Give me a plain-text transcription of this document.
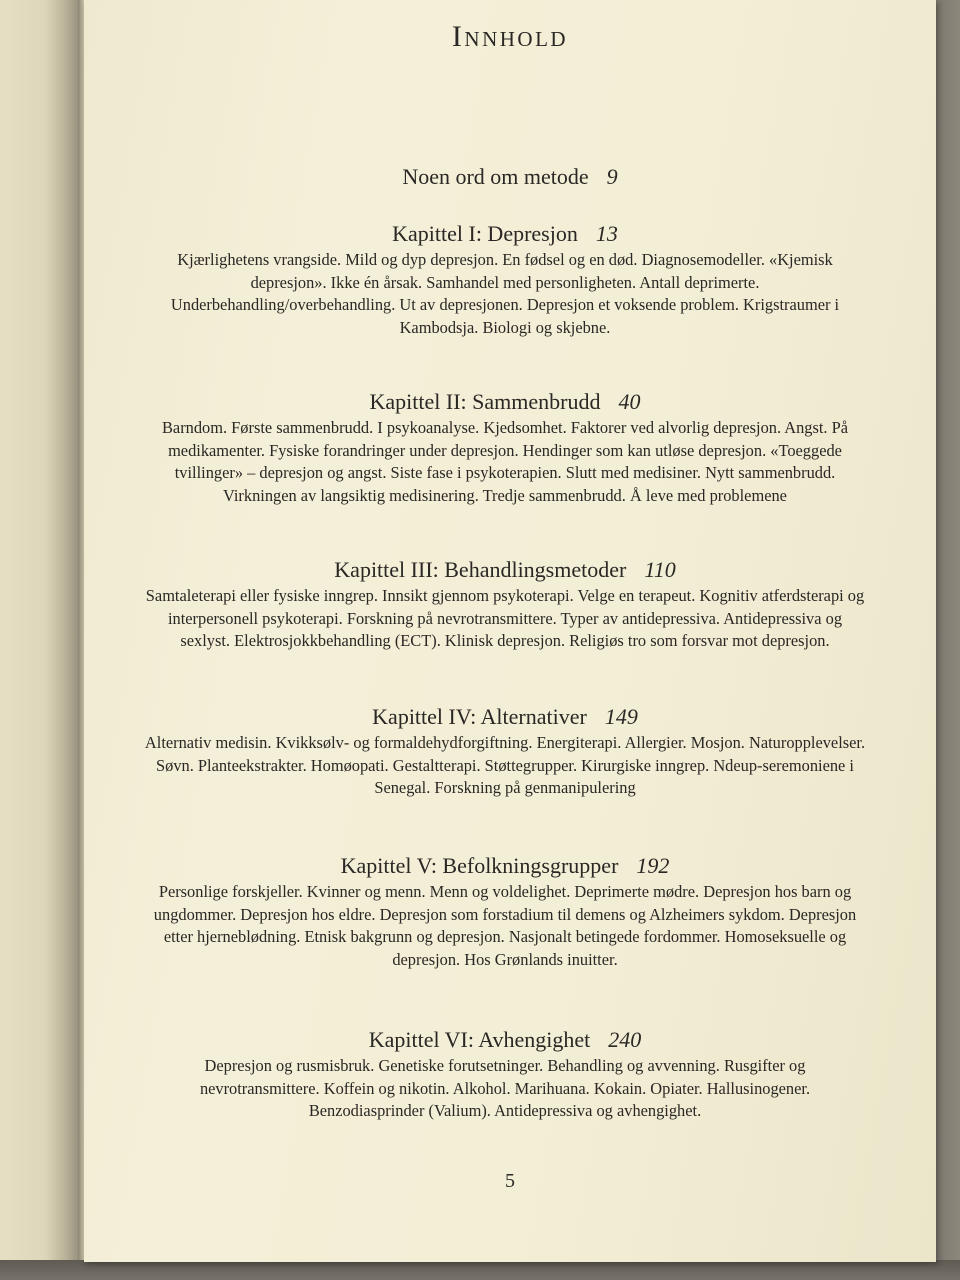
Innhold
Noen ord om metode 9
Kapittel I: Depresjon 13
Kjærlighetens vrangside. Mild og dyp depresjon. En fødsel og en død. Diagnosemodeller. «Kjemisk depresjon». Ikke én årsak. Samhandel med personligheten. Antall deprimerte. Underbehandling/overbehandling. Ut av depresjonen. Depresjon et voksende problem. Krigstraumer i Kambodsja. Biologi og skjebne.
Kapittel II: Sammenbrudd 40
Barndom. Første sammenbrudd. I psykoanalyse. Kjedsomhet. Faktorer ved alvorlig depresjon. Angst. På medikamenter. Fysiske forandringer under depresjon. Hendinger som kan utløse depresjon. «Toeggede tvillinger» – depresjon og angst. Siste fase i psykoterapien. Slutt med medisiner. Nytt sammenbrudd. Virkningen av langsiktig medisinering. Tredje sammenbrudd. Å leve med problemene
Kapittel III: Behandlingsmetoder 110
Samtaleterapi eller fysiske inngrep. Innsikt gjennom psykoterapi. Velge en terapeut. Kognitiv atferdsterapi og interpersonell psykoterapi. Forskning på nevrotransmittere. Typer av antidepressiva. Antidepressiva og sexlyst. Elektrosjokkbehandling (ECT). Klinisk depresjon. Religiøs tro som forsvar mot depresjon.
Kapittel IV: Alternativer 149
Alternativ medisin. Kvikksølv- og formaldehydforgiftning. Energiterapi. Allergier. Mosjon. Naturopplevelser. Søvn. Planteekstrakter. Homøopati. Gestaltterapi. Støttegrupper. Kirurgiske inngrep. Ndeup-seremoniene i Senegal. Forskning på genmanipulering
Kapittel V: Befolkningsgrupper 192
Personlige forskjeller. Kvinner og menn. Menn og voldelighet. Deprimerte mødre. Depresjon hos barn og ungdommer. Depresjon hos eldre. Depresjon som forstadium til demens og Alzheimers sykdom. Depresjon etter hjerneblødning. Etnisk bakgrunn og depresjon. Nasjonalt betingede fordommer. Homoseksuelle og depresjon. Hos Grønlands inuitter.
Kapittel VI: Avhengighet 240
Depresjon og rusmisbruk. Genetiske forutsetninger. Behandling og avvenning. Rusgifter og nevrotransmittere. Koffein og nikotin. Alkohol. Marihuana. Kokain. Opiater. Hallusinogener. Benzodiasprinder (Valium). Antidepressiva og avhengighet.
5
